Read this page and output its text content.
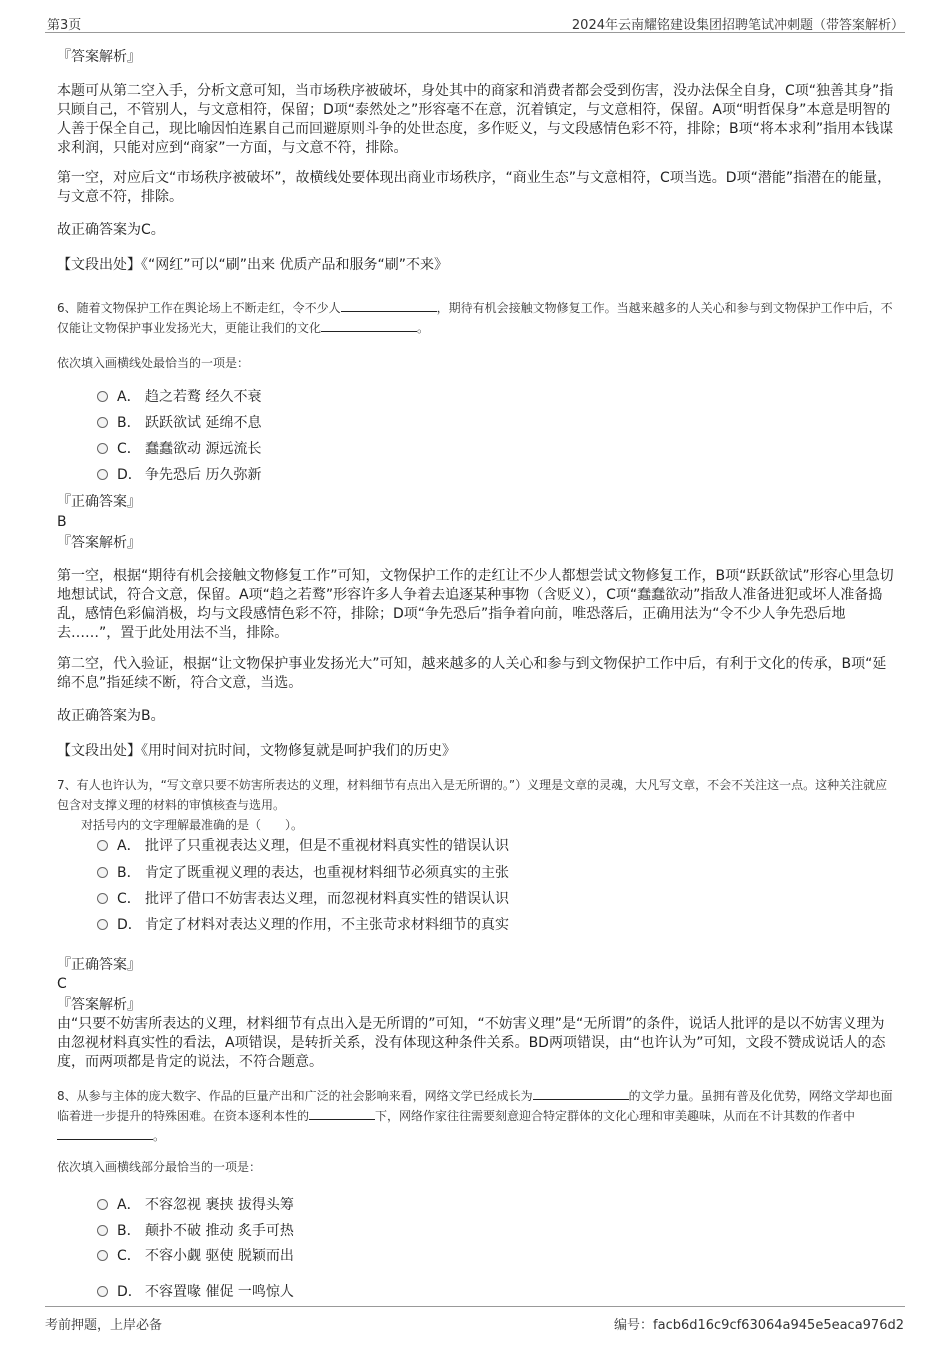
第3页	2024年云南耀铭建设集团招聘笔试冲刺题（带答案解析）
『答案解析』

本题可从第二空入手，分析文意可知，当市场秩序被破坏，身处其中的商家和消费者都会受到伤害，没办法保全自身，C项“独善其身”指只顾自己，不管别人，与文意相符，保留；D项“泰然处之”形容毫不在意，沉着镇定，与文意相符，保留。A项“明哲保身”本意是明智的人善于保全自己，现比喻因怕连累自己而回避原则斗争的处世态度，多作贬义，与文段感情色彩不符，排除；B项“将本求利”指用本钱谋求利润，只能对应到“商家”一方面，与文意不符，排除。

第一空，对应后文“市场秩序被破坏”，故横线处要体现出商业市场秩序，“商业生态”与文意相符，C项当选。D项“潜能”指潜在的能量，与文意不符，排除。

故正确答案为C。

【文段出处】《“网红”可以“刷”出来 优质产品和服务“刷”不来》

6、随着文物保护工作在舆论场上不断走红，令不少人	，期待有机会接触文物修复工作。当越来越多的人关心和参与到文物保护工作中后，不仅能让文物保护事业发扬光大，更能让我们的文化	。

依次填入画横线处最恰当的一项是：

A． 趋之若鹜 经久不衰
B． 跃跃欲试 延绵不息
C． 蠢蠢欲动 源远流长
D． 争先恐后 历久弥新
『正确答案』
B
『答案解析』

第一空，根据“期待有机会接触文物修复工作”可知，文物保护工作的走红让不少人都想尝试文物修复工作，B项“跃跃欲试”形容心里急切地想试试，符合文意，保留。A项“趋之若鹜”形容许多人争着去追逐某种事物（含贬义），C项“蠢蠢欲动”指敌人准备进犯或坏人准备捣乱，感情色彩偏消极，均与文段感情色彩不符，排除；D项“争先恐后”指争着向前，唯恐落后，正确用法为“令不少人争先恐后地去……”，置于此处用法不当，排除。

第二空，代入验证，根据“让文物保护事业发扬光大”可知，越来越多的人关心和参与到文物保护工作中后，有利于文化的传承，B项“延绵不息”指延续不断，符合文意，当选。

故正确答案为B。

【文段出处】《用时间对抗时间，文物修复就是呵护我们的历史》

7、有人也许认为，“写文章只要不妨害所表达的义理，材料细节有点出入是无所谓的。”）义理是文章的灵魂，大凡写文章，不会不关注这一点。这种关注就应包含对支撑义理的材料的审慎核查与选用。

对括号内的文字理解最准确的是（　　）。

A． 批评了只重视表达义理，但是不重视材料真实性的错误认识
B． 肯定了既重视义理的表达，也重视材料细节必须真实的主张
C． 批评了借口不妨害表达义理，而忽视材料真实性的错误认识
D． 肯定了材料对表达义理的作用，不主张苛求材料细节的真实
『正确答案』
C
『答案解析』

由“只要不妨害所表达的义理，材料细节有点出入是无所谓的”可知，“不妨害义理”是“无所谓”的条件，说话人批评的是以不妨害义理为由忽视材料真实性的看法，A项错误，是转折关系，没有体现这种条件关系。BD两项错误，由“也许认为”可知，文段不赞成说话人的态度，而两项都是肯定的说法，不符合题意。

8、从参与主体的庞大数字、作品的巨量产出和广泛的社会影响来看，网络文学已经成长为	的文学力量。虽拥有普及化优势，网络文学却也面临着进一步提升的特殊困难。在资本逐利本性的	下，网络作家往往需要刻意迎合特定群体的文化心理和审美趣味，从而在不计其数的作者中。

依次填入画横线部分最恰当的一项是：

A． 不容忽视 裹挟 拔得头筹
B． 颠扑不破 推动 炙手可热
C． 不容小觑 驱使 脱颖而出
D． 不容置喙 催促 一鸣惊人
考前押题，上岸必备	编号：facb6d16c9cf63064a945e5eaca976d2
